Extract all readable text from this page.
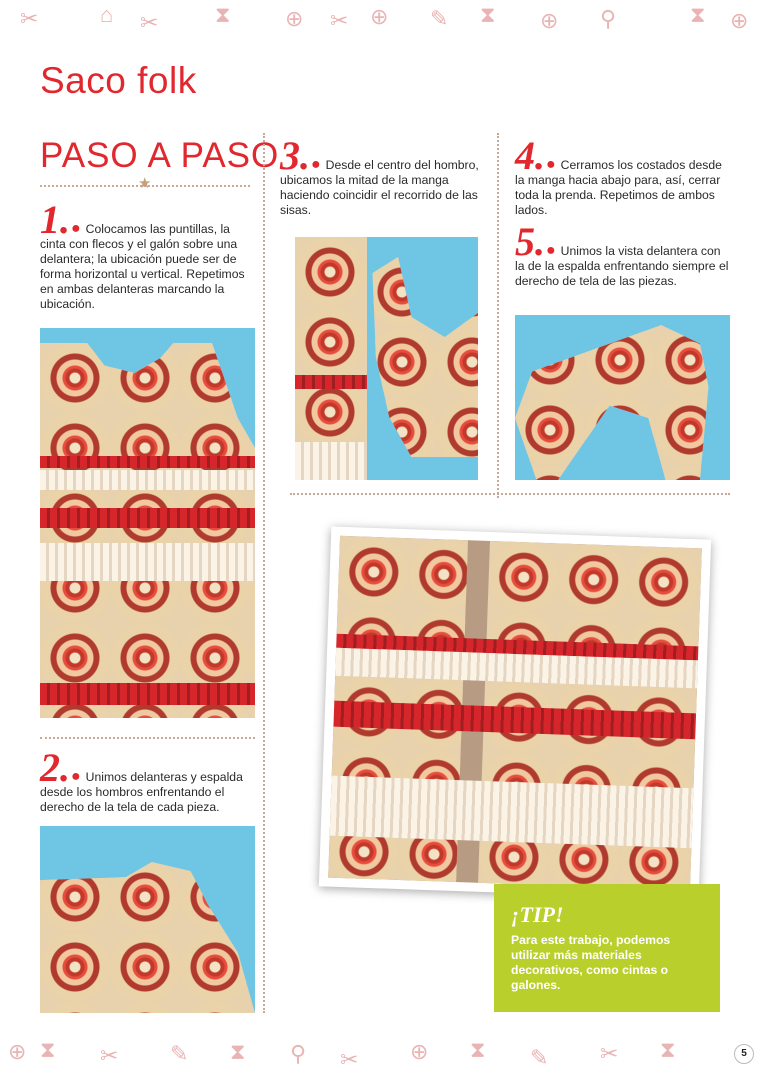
✂	⌂ ✂	⧗ ⊕ ✂ ⊕ ✎ ⧗ ⊕ ⚲	⧗ ⊕
Saco folk
PASO A PASO
★
1.● Colocamos las puntillas, la cinta con flecos y el galón sobre una delantera; la ubicación puede ser de forma horizontal u vertical. Repetimos en ambas delanteras marcando la ubicación.
2.● Unimos delanteras y espalda desde los hombros enfrentando el derecho de la tela de cada pieza.
3.● Desde el centro del hombro, ubicamos la mitad de la manga haciendo coincidir el recorrido de las sisas.
4.● Cerramos los costados desde la manga hacia abajo para, así, cerrar toda la prenda. Repetimos de ambos lados.
5.● Unimos la vista delantera con la de la espalda enfrentando siempre el derecho de tela de las piezas.
¡TIP!

Para este trabajo, podemos utilizar más materiales decorativos, como cintas o galones.

⊕ ⧗ ✂ ✎ ⧗ ⚲ ✂ ⊕ ⧗ ✎ ✂ ⧗	5
